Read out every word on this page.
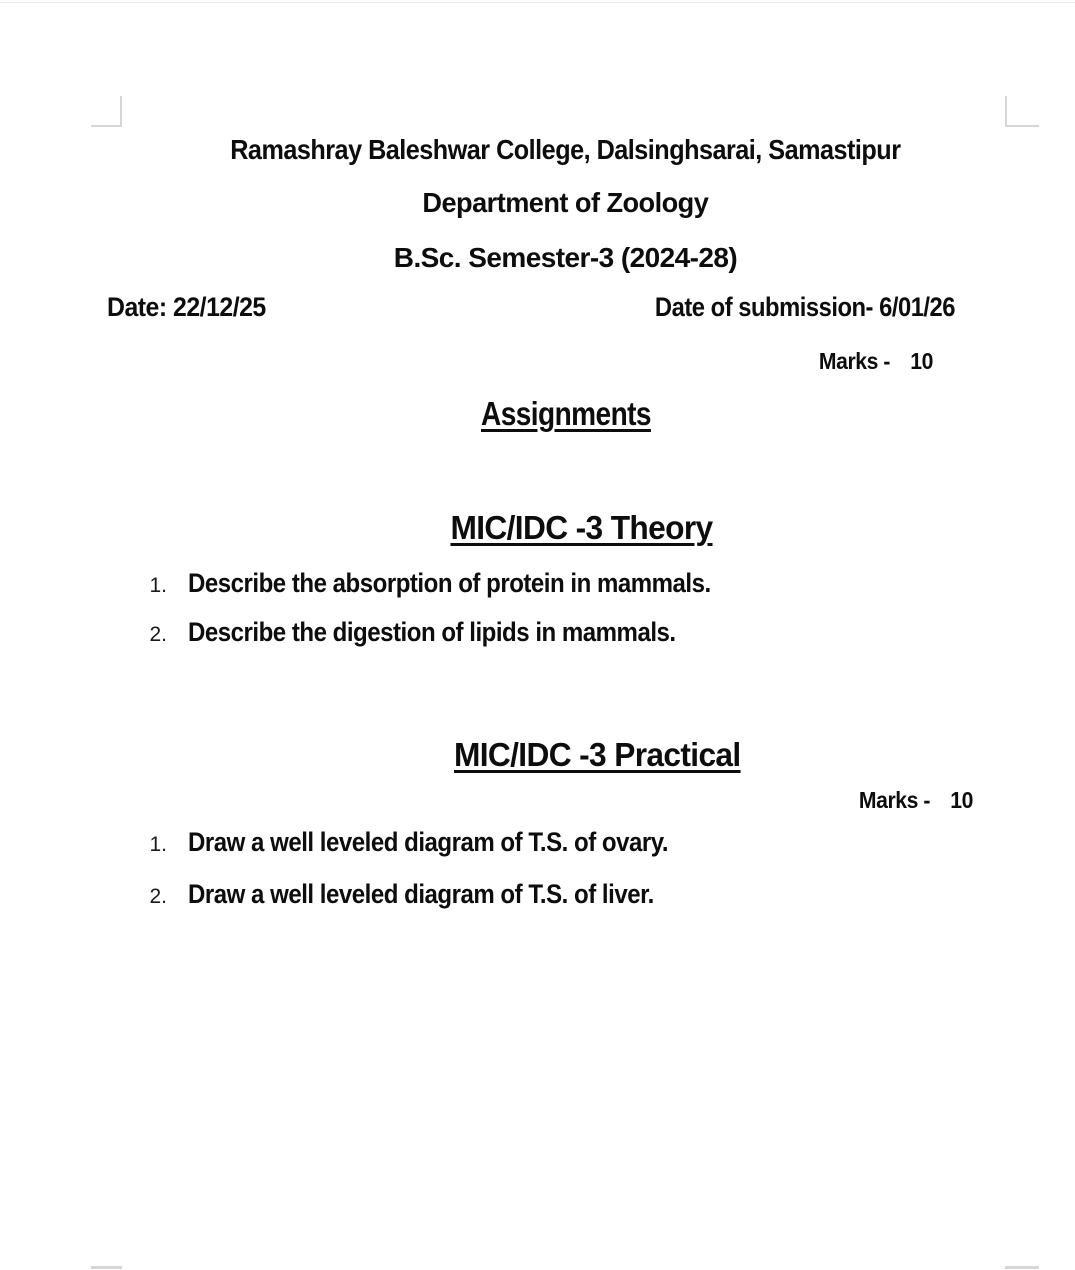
Ramashray Baleshwar College, Dalsinghsarai, Samastipur
Department of Zoology
B.Sc. Semester-3 (2024-28)
Date: 22/12/25	Date of submission- 6/01/26
Marks - 10
Assignments
MIC/IDC -3 Theory
1. Describe the absorption of protein in mammals.
2. Describe the digestion of lipids in mammals.
MIC/IDC -3 Practical
Marks - 10
1. Draw a well leveled diagram of T.S. of ovary.
2. Draw a well leveled diagram of T.S. of liver.
